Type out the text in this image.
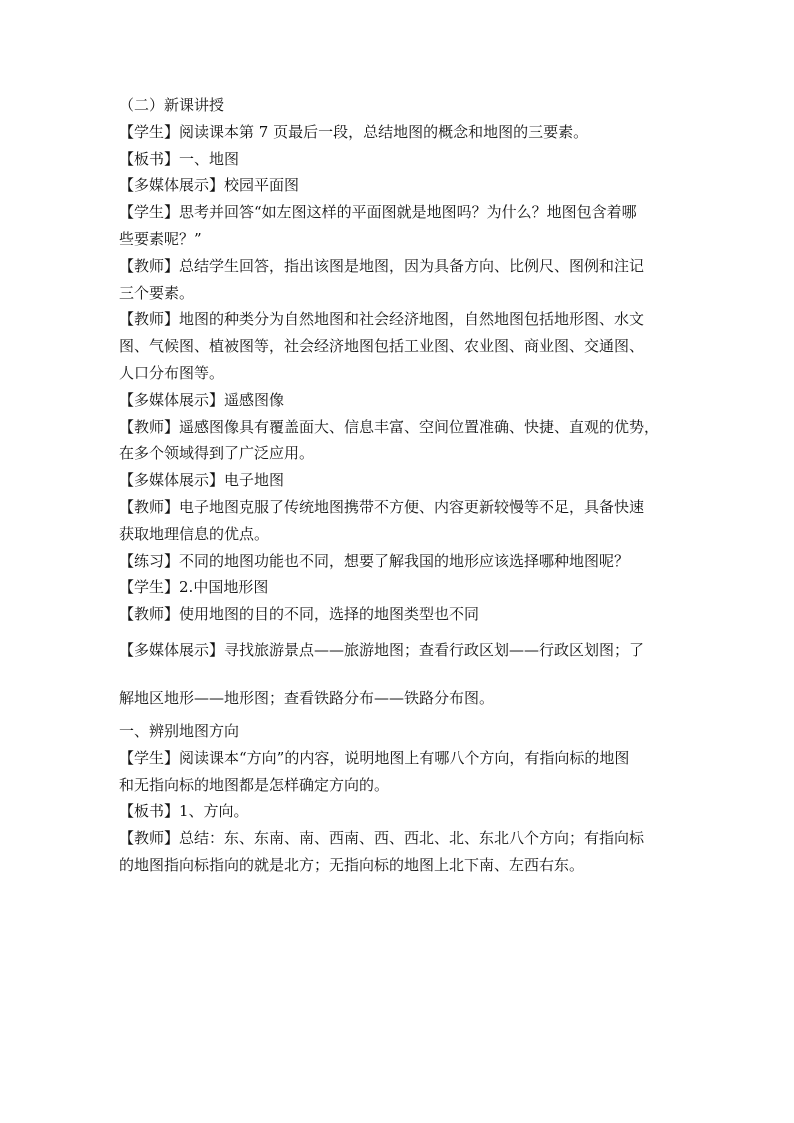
（二）新课讲授
【学生】阅读课本第 7 页最后一段，总结地图的概念和地图的三要素。
【板书】一、地图
【多媒体展示】校园平面图
【学生】思考并回答“如左图这样的平面图就是地图吗？为什么？地图包含着哪
些要素呢？”
【教师】总结学生回答，指出该图是地图，因为具备方向、比例尺、图例和注记
三个要素。
【教师】地图的种类分为自然地图和社会经济地图，自然地图包括地形图、水文
图、气候图、植被图等，社会经济地图包括工业图、农业图、商业图、交通图、
人口分布图等。
【多媒体展示】遥感图像
【教师】遥感图像具有覆盖面大、信息丰富、空间位置准确、快捷、直观的优势，
在多个领域得到了广泛应用。
【多媒体展示】电子地图
【教师】电子地图克服了传统地图携带不方便、内容更新较慢等不足，具备快速
获取地理信息的优点。
【练习】不同的地图功能也不同，想要了解我国的地形应该选择哪种地图呢？
【学生】2.中国地形图
【教师】使用地图的目的不同，选择的地图类型也不同
【多媒体展示】寻找旅游景点——旅游地图；查看行政区划——行政区划图；了
解地区地形——地形图；查看铁路分布——铁路分布图。
一、辨别地图方向
【学生】阅读课本“方向”的内容，说明地图上有哪八个方向，有指向标的地图
和无指向标的地图都是怎样确定方向的。
【板书】1、方向。
【教师】总结：东、东南、南、西南、西、西北、北、东北八个方向；有指向标
的地图指向标指向的就是北方；无指向标的地图上北下南、左西右东。
